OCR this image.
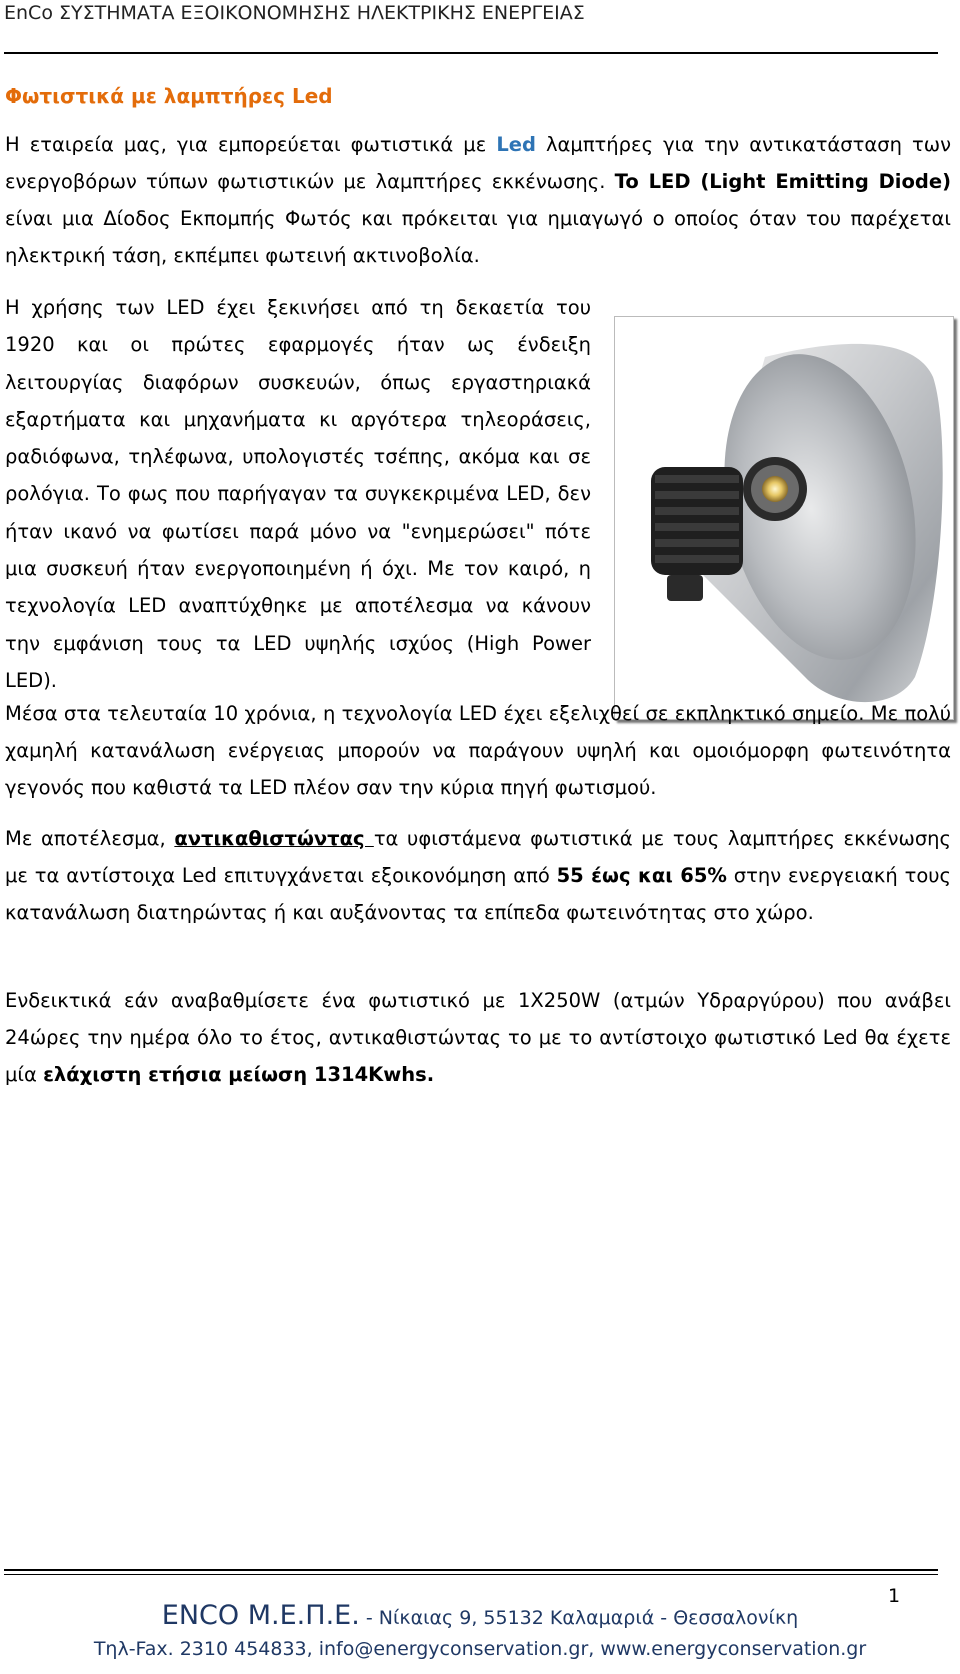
EnCo ΣΥΣΤΗΜΑΤΑ ΕΞΟΙΚΟΝΟΜΗΣΗΣ ΗΛΕΚΤΡΙΚΗΣ ΕΝΕΡΓΕΙΑΣ
Φωτιστικά με λαμπτήρες Led

Η εταιρεία μας, για εμπορεύεται φωτιστικά με Led λαμπτήρες για την αντικατάσταση των ενεργοβόρων τύπων φωτιστικών με λαμπτήρες εκκένωσης. To LED (Light Emitting Diode) είναι μια Δίοδος Εκπομπής Φωτός και πρόκειται για ημιαγωγό ο οποίος όταν του παρέχεται ηλεκτρική τάση, εκπέμπει φωτεινή ακτινοβολία.

Η χρήσης των LED έχει ξεκινήσει από τη δεκαετία του 1920 και οι πρώτες εφαρμογές ήταν ως ένδειξη λειτουργίας διαφόρων συσκευών, όπως εργαστηριακά εξαρτήματα και μηχανήματα κι αργότερα τηλεοράσεις, ραδιόφωνα, τηλέφωνα, υπολογιστές τσέπης, ακόμα και σε ρολόγια. Το φως που παρήγαγαν τα συγκεκριμένα LED, δεν ήταν ικανό να φωτίσει παρά μόνο να "ενημερώσει" πότε μια συσκευή ήταν ενεργοποιημένη ή όχι. Με τον καιρό, η τεχνολογία LED αναπτύχθηκε με αποτέλεσμα να κάνουν την εμφάνιση τους τα LED υψηλής ισχύος (High Power LED).

Μέσα στα τελευταία 10 χρόνια, η τεχνολογία LED έχει εξελιχθεί σε εκπληκτικό σημείο. Με πολύ χαμηλή κατανάλωση ενέργειας μπορούν να παράγουν υψηλή και ομοιόμορφη φωτεινότητα γεγονός που καθιστά τα LED πλέον σαν την κύρια πηγή φωτισμού.

Με αποτέλεσμα, αντικαθιστώντας τα υφιστάμενα φωτιστικά με τους λαμπτήρες εκκένωσης με τα αντίστοιχα Led επιτυγχάνεται εξοικονόμηση από 55 έως και 65% στην ενεργειακή τους κατανάλωση διατηρώντας ή και αυξάνοντας τα επίπεδα φωτεινότητας στο χώρο.

Ενδεικτικά εάν αναβαθμίσετε ένα φωτιστικό με 1Χ250W (ατμών Υδραργύρου) που ανάβει 24ώρες την ημέρα όλο το έτος, αντικαθιστώντας το με το αντίστοιχο φωτιστικό Led θα έχετε μία ελάχιστη ετήσια μείωση 1314Kwhs.

1
ENCO Μ.Ε.Π.Ε. - Νίκαιας 9, 55132 Καλαμαριά - Θεσσαλονίκη
Τηλ-Fax. 2310 454833, info@energyconservation.gr, www.energyconservation.gr
